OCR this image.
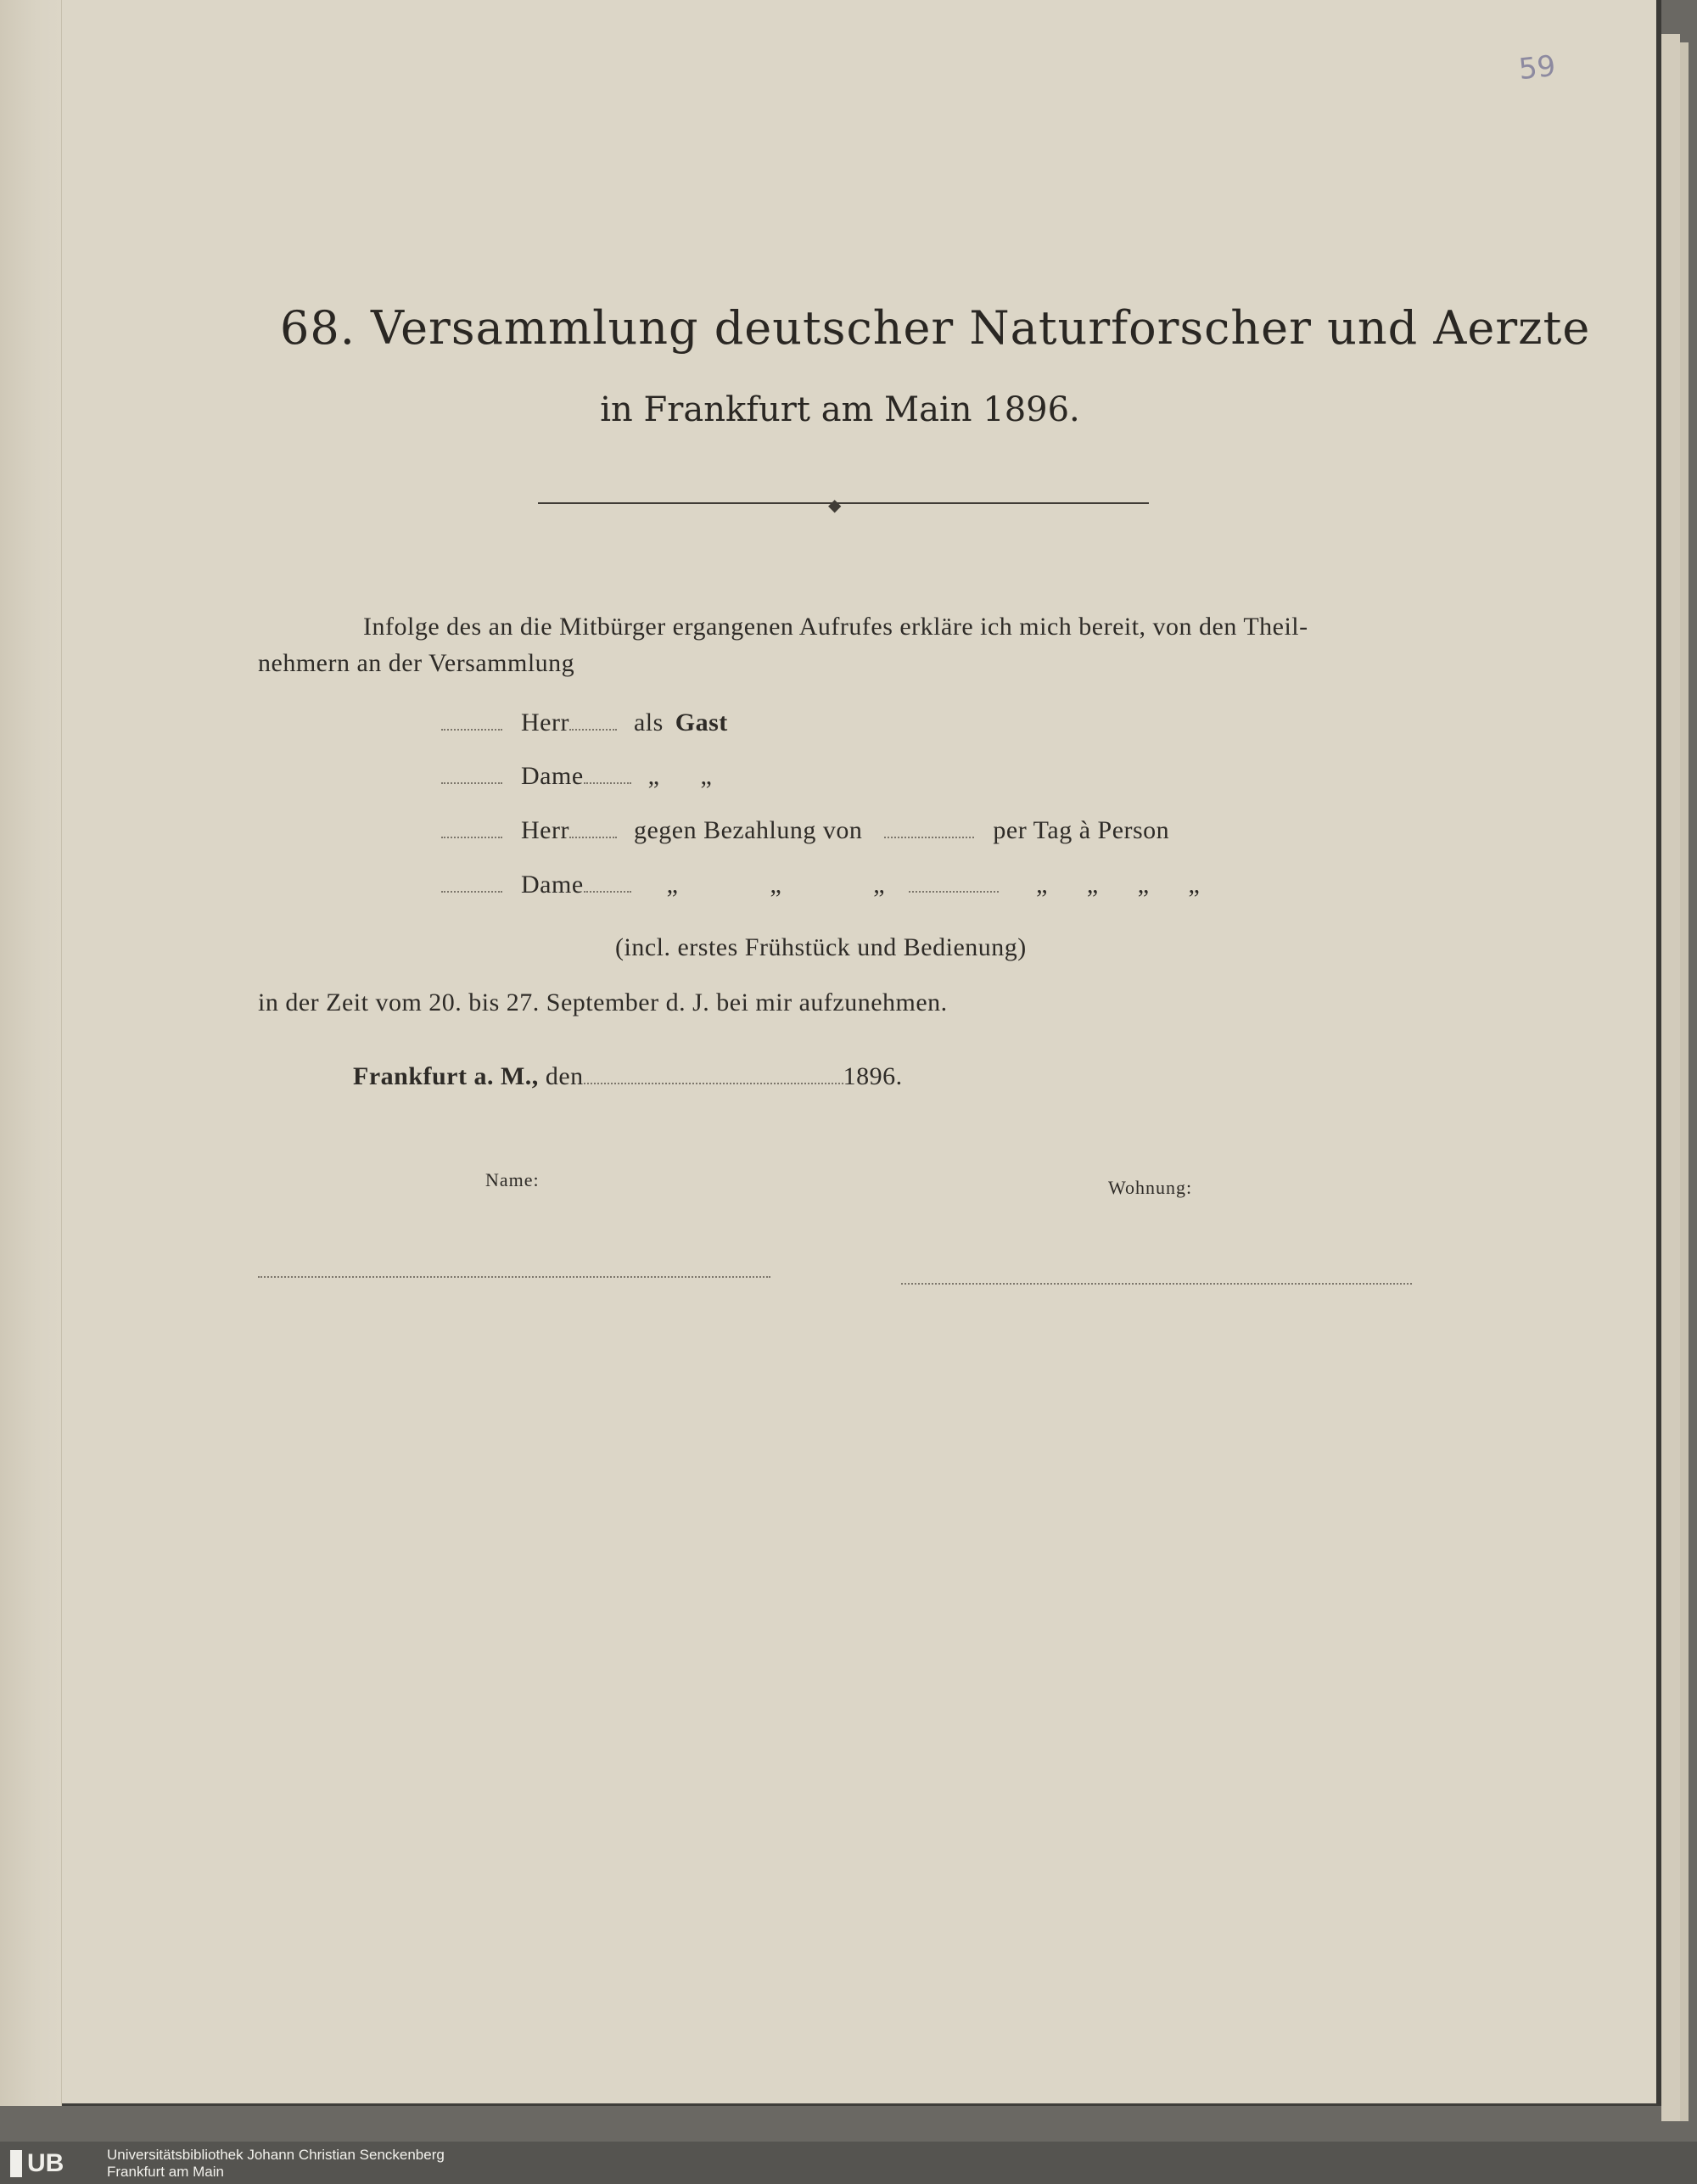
59
68. Versammlung deutscher Naturforscher und Aerzte
in Frankfurt am Main 1896.
◆
Infolge des an die Mitbürger ergangenen Aufrufes erkläre ich mich bereit, von den Theil-
nehmern an der Versammlung
Herr	als Gast
Dame	„ „
Herr	gegen Bezahlung von	per Tag à Person
Dame	„ „ „	„ „ „ „
(incl. erstes Frühstück und Bedienung)
in der Zeit vom 20. bis 27. September d. J. bei mir aufzunehmen.
Frankfurt a. M., den	1896.
Name:	Wohnung:
UB	Universitätsbibliothek Johann Christian Senckenberg
Frankfurt am Main
